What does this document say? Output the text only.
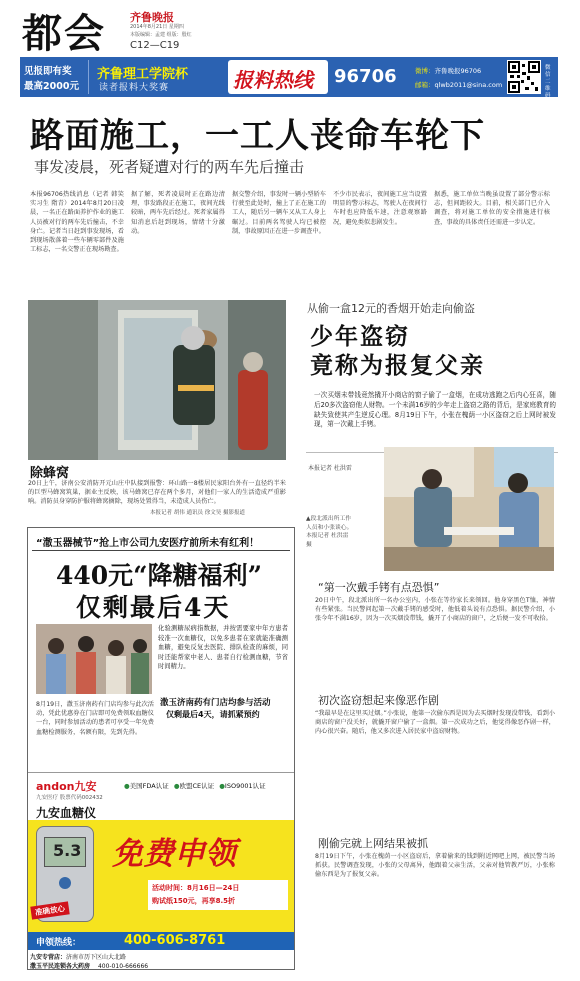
都会 齐鲁晚报
2014年8月21日 星期四
本版编辑：孟建 组版：殷红
C12—C19
见报即有奖
最高2000元
齐鲁理工学院杯
读者报料大奖赛	报料热线 96706	微博：齐鲁晚报96706
邮箱：qlwb2011@sina.com
微信二维码
路面施工，一工人丧命车轮下
事发凌晨，死者疑遭对行的两车先后撞击
本报96706热线消息（记者 韩笑 实习生 隋青）2014年8月20日凌晨，一名正在路面养护作业的施工人员被对行的两车先后撞击，不幸身亡。记者当日赶到事发现场，看到现场散落着一些车辆零部件及施工标志，一名交警正在现场勘查。
据了解，死者凌晨时正在路边清理，事发路段正在施工，夜间光线较暗，两车先后经过。死者家属得知消息后赶到现场，情绪十分激动。
据交警介绍，事发时一辆小型轿车行驶至此处时，撞上了正在施工的工人，随后另一辆车又从工人身上碾过。目前两名驾驶人均已被控制，事故原因正在进一步调查中。
不少市民表示，夜间施工应当设置明显的警示标志，驾驶人在夜间行车时也应降低车速，注意观察路况，避免类似悲剧发生。
据悉，施工单位当晚虽设置了部分警示标志，但间距较大。目前，相关部门已介入调查，将对施工单位的安全措施进行核查，事故的具体责任还需进一步认定。
除蜂窝
20日上午，济南公安消防开元山庄中队接到报警：环山路一8楼居民家阳台外有一直径约半米的巨型马蜂窝筑巢，据业主反映，该马蜂窝已存在两个多月，对他们一家人的生活造成严重影响。消防员身穿防护服将蜂窝摘除，现场处置得当，未造成人员伤亡。
本报记者 胡伟 通讯员 徐文昊 摄影报道
从偷一盒12元的香烟开始走向偷盗
少年盗窃
竟称为报复父亲
一次买烟未带钱竟然撬开小商店的窗子偷了一盒烟，在成功逃跑之后内心狂喜，随后20多次盗窃他人财物。一个未满16岁的少年走上盗窃之路的背后，是家庭教育的缺失致使其产生逆反心理。8月19日下午，小张在槐荫一小区盗窃之后上网时被发现，第一次戴上手铐。
本报记者 杜洪雷
▲段北派出所工作人员和小张谈心。本报记者 杜洪雷 摄
“第一次戴手铐有点恐惧”
20日中午，段北派出所一名办公室内，小张在等待家长来领回。他身穿黑色T恤，神情有些紧张。当民警问起第一次戴手铐的感受时，他低着头说有点恐惧。据民警介绍，小张今年不满16岁，因为一次买烟没带钱，撬开了小商店的窗户，之后便一发不可收拾。
初次盗窃想起来像恶作剧
“我最早是在这里买过烟。”小张说，他第一次偷东西是因为去买烟时发现没带钱，看到小商店的窗户没关好，就撬开窗户偷了一盒烟。第一次成功之后，他觉得像恶作剧一样，内心很兴奋。随后，他又多次进入居民家中盗窃财物。
刚偷完就上网结果被抓
8月19日下午，小张在槐荫一小区盗窃后，拿着偷来的钱到附近网吧上网，被民警当场抓获。民警调查发现，小张的父母离异，他跟着父亲生活，父亲对他管教严厉，小张称偷东西是为了报复父亲。
“潵玉器械节”抢上市公司九安医疗前所未有红利！
440元“降糖福利”
仅剩最后4天
化验测糖尿病指数据，并按需要家中年方患者较准一次血糖仪，以免多患者在家就能准确测血糖，避免反复去医院、排队检查的麻烦，同时还能帮家中老人、患者自行检测血糖，节省时间精力。
潵玉济南药有门店均参与活动
仅剩最后4天，请抓紧预约
8月19日，潵玉济南药有门店均参与此次活动，凭此优惠券在门店即可免费领取血糖仪一台，同时参加活动的患者可享受一年免费血糖检测服务，名额有限，先到先得。
andon九安
九安医疗 股票代码002432
●美国FDA认证 ●欧盟CE认证 ●ISO9001认证
九安血糖仪
5.3
准确放心
免费申领
活动时间：8月16日—24日
购试纸150元，再享8.5折
申领热线：	400-606-8761
九安专营店：济南市历下区山大北路
潵玉平民连锁各大药房 400-010-666666
